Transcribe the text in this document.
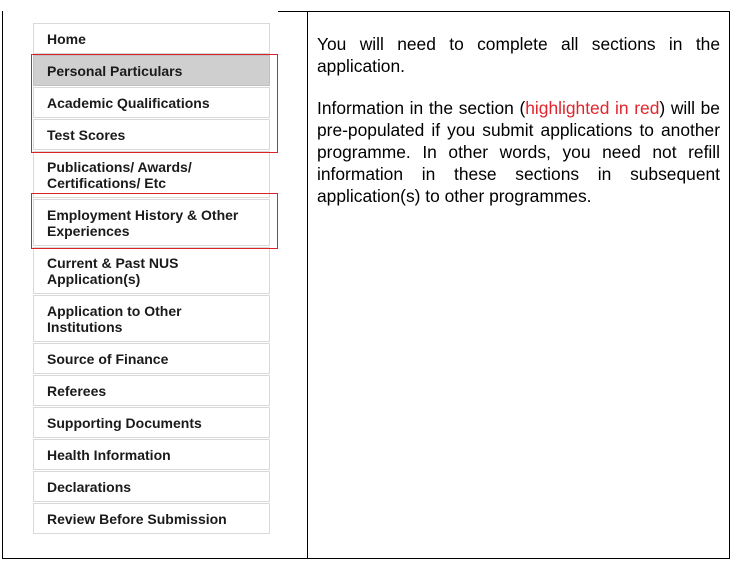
Home
Personal Particulars
Academic Qualifications
Test Scores
Publications/ Awards/ Certifications/ Etc
Employment History & Other Experiences
Current & Past NUS Application(s)
Application to Other Institutions
Source of Finance
Referees
Supporting Documents
Health Information
Declarations
Review Before Submission

You will need to complete all sections in the application.

Information in the section (highlighted in red) will be pre-populated if you submit applications to another programme. In other words, you need not refill information in these sections in subsequent application(s) to other programmes.
